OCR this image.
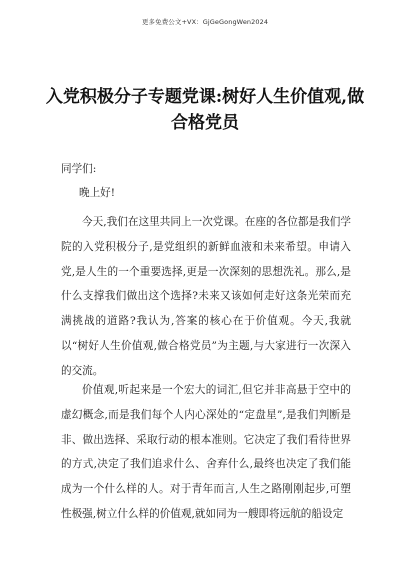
更多免费公文+VX：GjGeGongWen2024
入党积极分子专题党课:树好人生价值观,做合格党员
同学们:
晚上好!
今天,我们在这里共同上一次党课。在座的各位都是我们学院的入党积极分子,是党组织的新鲜血液和未来希望。申请入党,是人生的一个重要选择,更是一次深刻的思想洗礼。那么,是什么支撑我们做出这个选择?未来又该如何走好这条光荣而充满挑战的道路?我认为,答案的核心在于价值观。今天,我就以“树好人生价值观,做合格党员”为主题,与大家进行一次深入的交流。
价值观,听起来是一个宏大的词汇,但它并非高悬于空中的虚幻概念,而是我们每个人内心深处的“定盘星”,是我们判断是非、做出选择、采取行动的根本准则。它决定了我们看待世界的方式,决定了我们追求什么、舍弃什么,最终也决定了我们能成为一个什么样的人。对于青年而言,人生之路刚刚起步,可塑性极强,树立什么样的价值观,就如同为一艘即将远航的船设定
